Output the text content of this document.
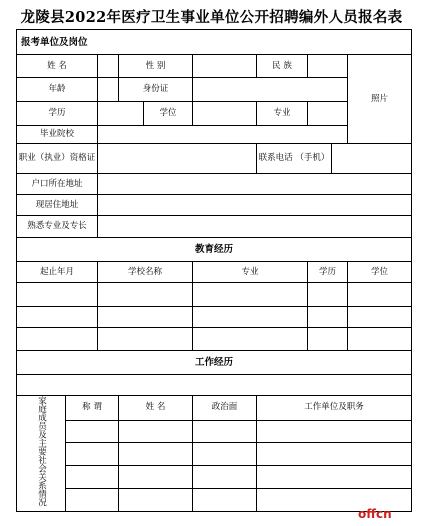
龙陵县2022年医疗卫生事业单位公开招聘编外人员报名表
报考单位及岗位									
姓 名			性 别			民 族			照片
年龄			身份证						
学历				学位		专业			
毕业院校									
职业（执业）资格证						联系电话 （手机）			
户口所在地址									
现居住地址									
熟悉专业及专长									
教育经历									
起止年月		学校名称			专业		学历		学位

工作经历									

家庭成员及主要社会关系情况	称 谓		姓 名		政治面	工作单位及职务			

offcn
